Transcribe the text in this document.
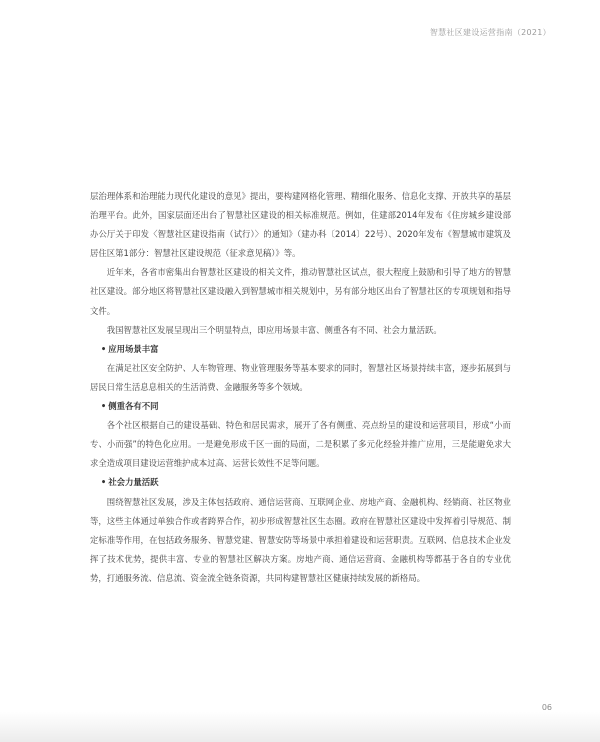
智慧社区建设运营指南（2021）

层治理体系和治理能力现代化建设的意见》提出，要构建网格化管理、精细化服务、信息化支撑、开放共享的基层治理平台。此外，国家层面还出台了智慧社区建设的相关标准规范。例如，住建部2014年发布《住房城乡建设部办公厅关于印发〈智慧社区建设指南（试行）〉的通知》（建办科〔2014〕22号）、2020年发布《智慧城市建筑及居住区第1部分：智慧社区建设规范（征求意见稿）》等。

近年来，各省市密集出台智慧社区建设的相关文件，推动智慧社区试点，很大程度上鼓励和引导了地方的智慧社区建设。部分地区将智慧社区建设融入到智慧城市相关规划中，另有部分地区出台了智慧社区的专项规划和指导文件。

我国智慧社区发展呈现出三个明显特点，即应用场景丰富、侧重各有不同、社会力量活跃。

• 应用场景丰富

在满足社区安全防护、人车物管理、物业管理服务等基本要求的同时，智慧社区场景持续丰富，逐步拓展到与居民日常生活息息相关的生活消费、金融服务等多个领域。

• 侧重各有不同

各个社区根据自己的建设基础、特色和居民需求，展开了各有侧重、亮点纷呈的建设和运营项目，形成“小而专、小而强”的特色化应用。一是避免形成千区一面的局面，二是积累了多元化经验并推广应用，三是能避免求大求全造成项目建设运营维护成本过高、运营长效性不足等问题。

• 社会力量活跃

围绕智慧社区发展，涉及主体包括政府、通信运营商、互联网企业、房地产商、金融机构、经销商、社区物业等，这些主体通过单独合作或者跨界合作，初步形成智慧社区生态圈。政府在智慧社区建设中发挥着引导规范、制定标准等作用，在包括政务服务、智慧党建、智慧安防等场景中承担着建设和运营职责。互联网、信息技术企业发挥了技术优势，提供丰富、专业的智慧社区解决方案。房地产商、通信运营商、金融机构等都基于各自的专业优势，打通服务流、信息流、资金流全链条资源，共同构建智慧社区健康持续发展的新格局。

06
